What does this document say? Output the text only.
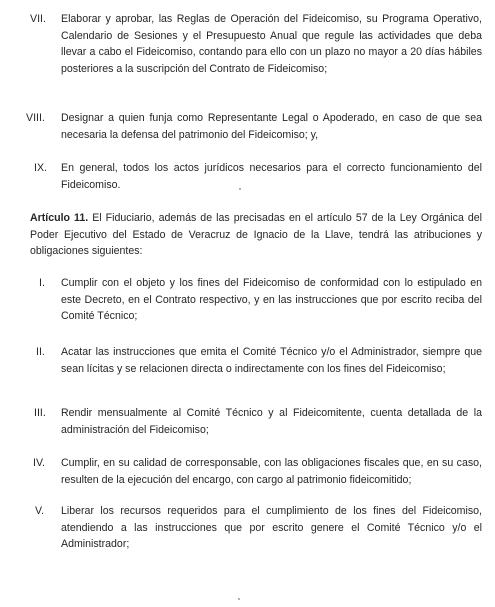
VII. Elaborar y aprobar, las Reglas de Operación del Fideicomiso, su Programa Operativo, Calendario de Sesiones y el Presupuesto Anual que regule las actividades que deba llevar a cabo el Fideicomiso, contando para ello con un plazo no mayor a 20 días hábiles posteriores a la suscripción del Contrato de Fideicomiso;
VIII. Designar a quien funja como Representante Legal o Apoderado, en caso de que sea necesaria la defensa del patrimonio del Fideicomiso; y,
IX. En general, todos los actos jurídicos necesarios para el correcto funcionamiento del Fideicomiso.
Artículo 11. El Fiduciario, además de las precisadas en el artículo 57 de la Ley Orgánica del Poder Ejecutivo del Estado de Veracruz de Ignacio de la Llave, tendrá las atribuciones y obligaciones siguientes:
I. Cumplir con el objeto y los fines del Fideicomiso de conformidad con lo estipulado en este Decreto, en el Contrato respectivo, y en las instrucciones que por escrito reciba del Comité Técnico;
II. Acatar las instrucciones que emita el Comité Técnico y/o el Administrador, siempre que sean lícitas y se relacionen directa o indirectamente con los fines del Fideicomiso;
III. Rendir mensualmente al Comité Técnico y al Fideicomitente, cuenta detallada de la administración del Fideicomiso;
IV. Cumplir, en su calidad de corresponsable, con las obligaciones fiscales que, en su caso, resulten de la ejecución del encargo, con cargo al patrimonio fideicomitido;
V. Liberar los recursos requeridos para el cumplimiento de los fines del Fideicomiso, atendiendo a las instrucciones que por escrito genere el Comité Técnico y/o el Administrador;
